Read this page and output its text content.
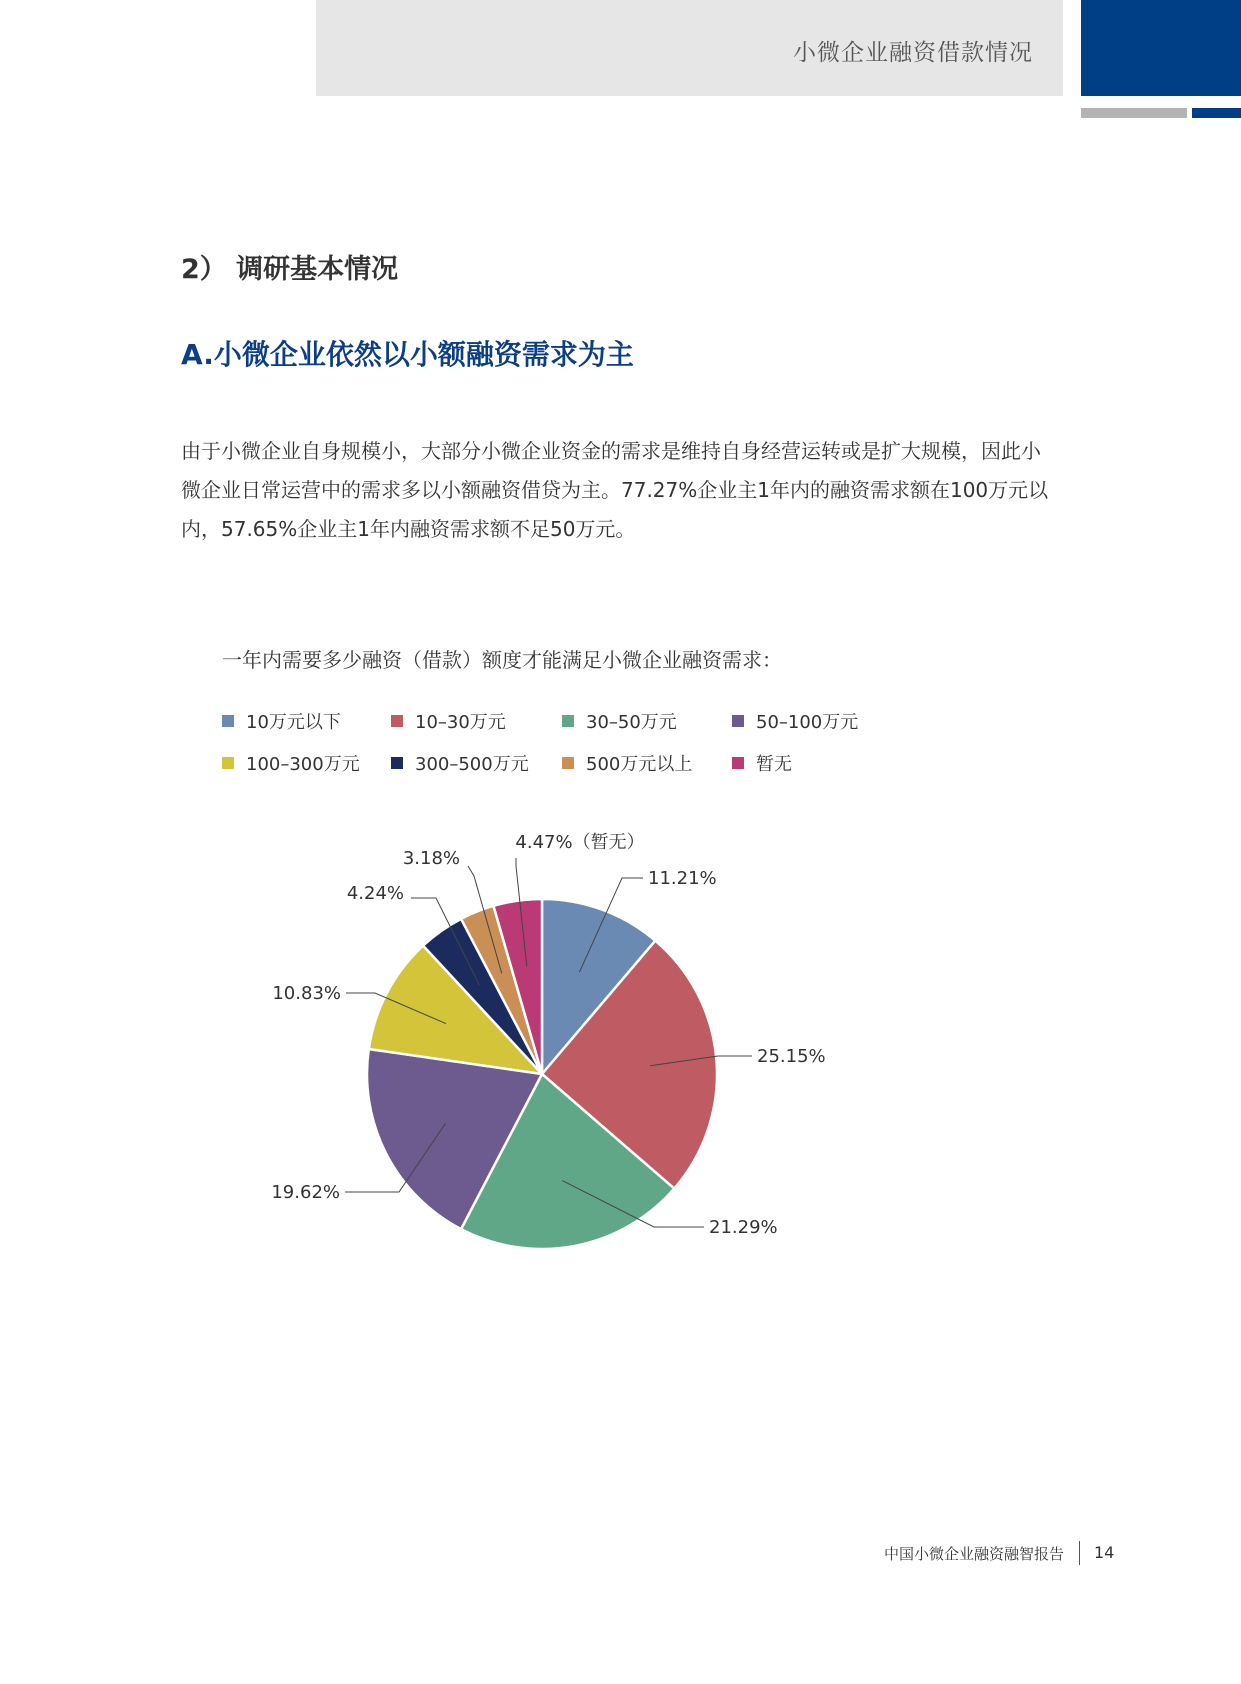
小微企业融资借款情况
2） 调研基本情况
A.小微企业依然以小额融资需求为主

由于小微企业自身规模小，大部分小微企业资金的需求是维持自身经营运转或是扩大规模，因此小微企业日常运营中的需求多以小额融资借贷为主。77.27%企业主1年内的融资需求额在100万元以内，57.65%企业主1年内融资需求额不足50万元。

一年内需要多少融资（借款）额度才能满足小微企业融资需求：
10万元以下	10–30万元	30–50万元	50–100万元
100–300万元	300–500万元	500万元以上	暂无
11.21%
25.15%
21.29%
19.62%
10.83%
4.24%
3.18%
4.47%（暂无）
中国小微企业融资融智报告 14
